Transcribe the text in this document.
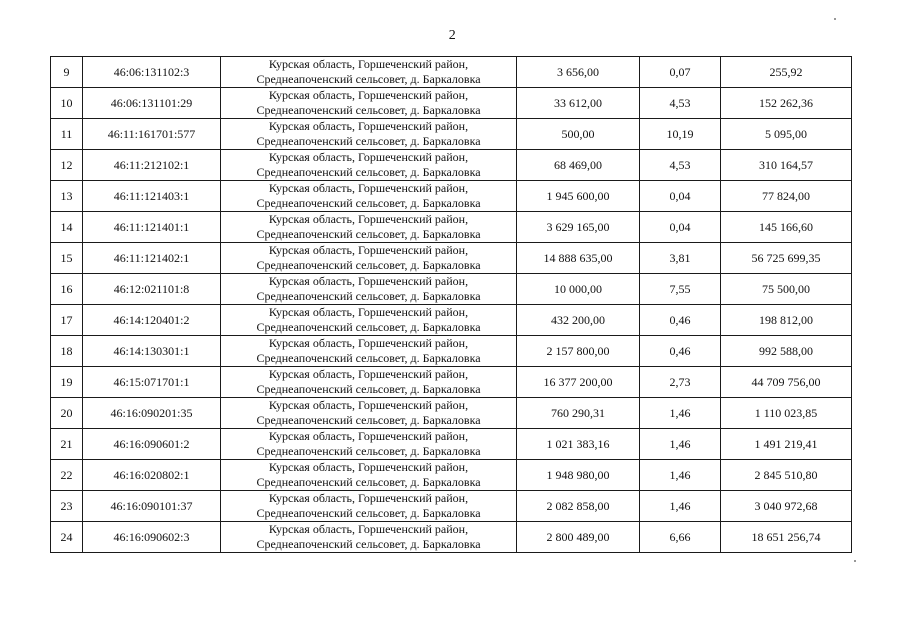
2
9	46:06:131102:3	Курская область, Горшеченский район,
Среднеапоченский сельсовет, д. Баркаловка	3 656,00	0,07	255,92
10	46:06:131101:29	Курская область, Горшеченский район,
Среднеапоченский сельсовет, д. Баркаловка	33 612,00	4,53	152 262,36
11	46:11:161701:577	Курская область, Горшеченский район,
Среднеапоченский сельсовет, д. Баркаловка	500,00	10,19	5 095,00
12	46:11:212102:1	Курская область, Горшеченский район,
Среднеапоченский сельсовет, д. Баркаловка	68 469,00	4,53	310 164,57
13	46:11:121403:1	Курская область, Горшеченский район,
Среднеапоченский сельсовет, д. Баркаловка	1 945 600,00	0,04	77 824,00
14	46:11:121401:1	Курская область, Горшеченский район,
Среднеапоченский сельсовет, д. Баркаловка	3 629 165,00	0,04	145 166,60
15	46:11:121402:1	Курская область, Горшеченский район,
Среднеапоченский сельсовет, д. Баркаловка	14 888 635,00	3,81	56 725 699,35
16	46:12:021101:8	Курская область, Горшеченский район,
Среднеапоченский сельсовет, д. Баркаловка	10 000,00	7,55	75 500,00
17	46:14:120401:2	Курская область, Горшеченский район,
Среднеапоченский сельсовет, д. Баркаловка	432 200,00	0,46	198 812,00
18	46:14:130301:1	Курская область, Горшеченский район,
Среднеапоченский сельсовет, д. Баркаловка	2 157 800,00	0,46	992 588,00
19	46:15:071701:1	Курская область, Горшеченский район,
Среднеапоченский сельсовет, д. Баркаловка	16 377 200,00	2,73	44 709 756,00
20	46:16:090201:35	Курская область, Горшеченский район,
Среднеапоченский сельсовет, д. Баркаловка	760 290,31	1,46	1 110 023,85
21	46:16:090601:2	Курская область, Горшеченский район,
Среднеапоченский сельсовет, д. Баркаловка	1 021 383,16	1,46	1 491 219,41
22	46:16:020802:1	Курская область, Горшеченский район,
Среднеапоченский сельсовет, д. Баркаловка	1 948 980,00	1,46	2 845 510,80
23	46:16:090101:37	Курская область, Горшеченский район,
Среднеапоченский сельсовет, д. Баркаловка	2 082 858,00	1,46	3 040 972,68
24	46:16:090602:3	Курская область, Горшеченский район,
Среднеапоченский сельсовет, д. Баркаловка	2 800 489,00	6,66	18 651 256,74
